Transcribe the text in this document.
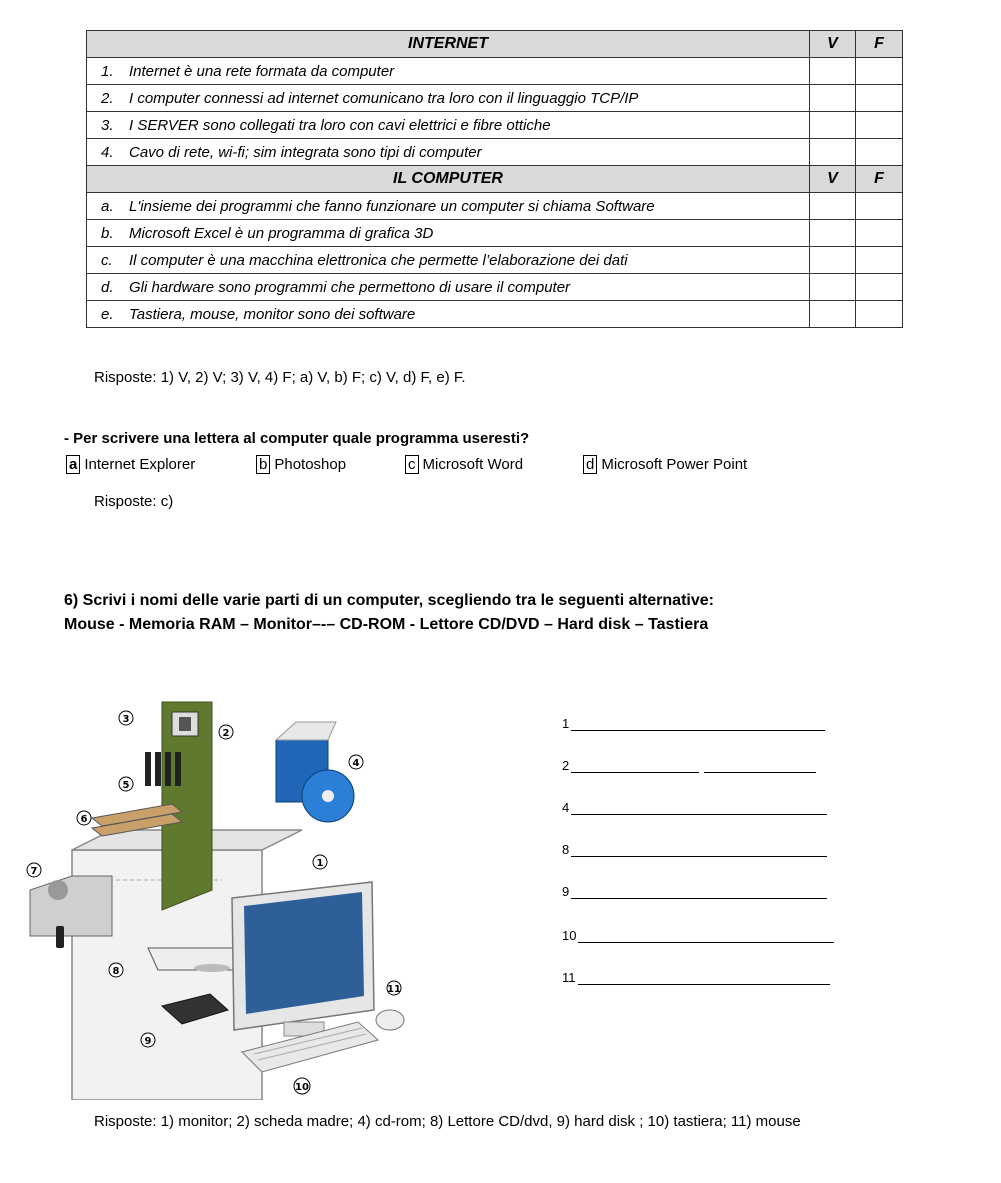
INTERNET	V	F
1. Internet è una rete formata da computer		
2. I computer connessi ad internet comunicano tra loro con il linguaggio TCP/IP		
3. I SERVER sono collegati tra loro con cavi elettrici e fibre ottiche		
4. Cavo di rete, wi-fi; sim integrata sono tipi di computer		
IL COMPUTER	V	F
a. L'insieme dei programmi che fanno funzionare un computer si chiama Software		
b. Microsoft Excel è un programma di grafica 3D		
c. Il computer è una macchina elettronica che permette l’elaborazione dei dati		
d. Gli hardware sono programmi che permettono di usare il computer		
e. Tastiera, mouse, monitor sono dei software		
Risposte: 1) V, 2) V; 3) V, 4) F; a) V, b) F; c) V, d) F, e) F.
- Per scrivere una lettera al computer quale programma useresti?
a Internet Explorer	b Photoshop	c Microsoft Word	d Microsoft Power Point
Risposte: c)
6) Scrivi i nomi delle varie parti di un computer, scegliendo tra le seguenti alternative:
Mouse - Memoria RAM – Monitor–-– CD-ROM - Lettore CD/DVD – Hard disk – Tastiera
1
2
4
8
9
10
11
3
2
4
5
6
1
7
8
11
9
10
Risposte: 1) monitor; 2) scheda madre; 4) cd-rom; 8) Lettore CD/dvd, 9) hard disk ; 10) tastiera; 11) mouse
